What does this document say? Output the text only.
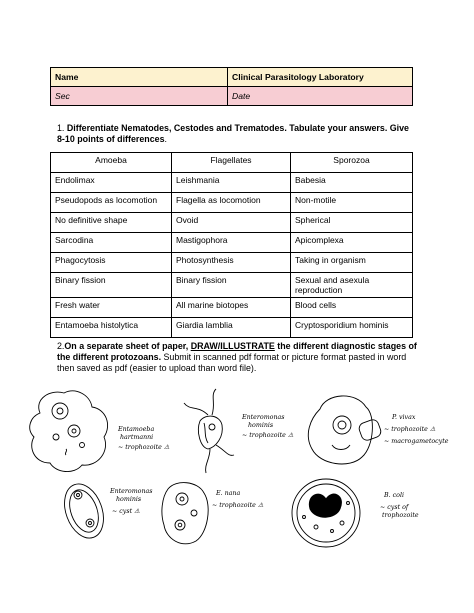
Name	Clinical Parasitology Laboratory
Sec	Date
1. Differentiate Nematodes, Cestodes and Trematodes. Tabulate your answers. Give 8-10 points of differences.
Amoeba	Flagellates	Sporozoa
Endolimax	Leishmania	Babesia
Pseudopods as locomotion	Flagella as locomotion	Non-motile
No definitive shape	Ovoid	Spherical
Sarcodina	Mastigophora	Apicomplexa
Phagocytosis	Photosynthesis	Taking in organism
Binary fission	Binary fission	Sexual and asexula reproduction
Fresh water	All marine biotopes	Blood cells
Entamoeba histolytica	Giardia lamblia	Cryptosporidium hominis
2.On a separate sheet of paper, DRAW/ILLUSTRATE the different diagnostic stages of the different protozoans. Submit in scanned pdf format or picture format pasted in word then saved as pdf (easier to upload than word file).
Entamoeba
hartmanni
~ trophozoite ⚠
Enteromonas
hominis
~ trophozoite ⚠
P. vivax
~ trophozoite ⚠
~ macrogametocyte
Enteromonas
hominis
~ cyst ⚠
E. nana
~ trophozoite ⚠
B. coli
~ cyst of
trophozoite
